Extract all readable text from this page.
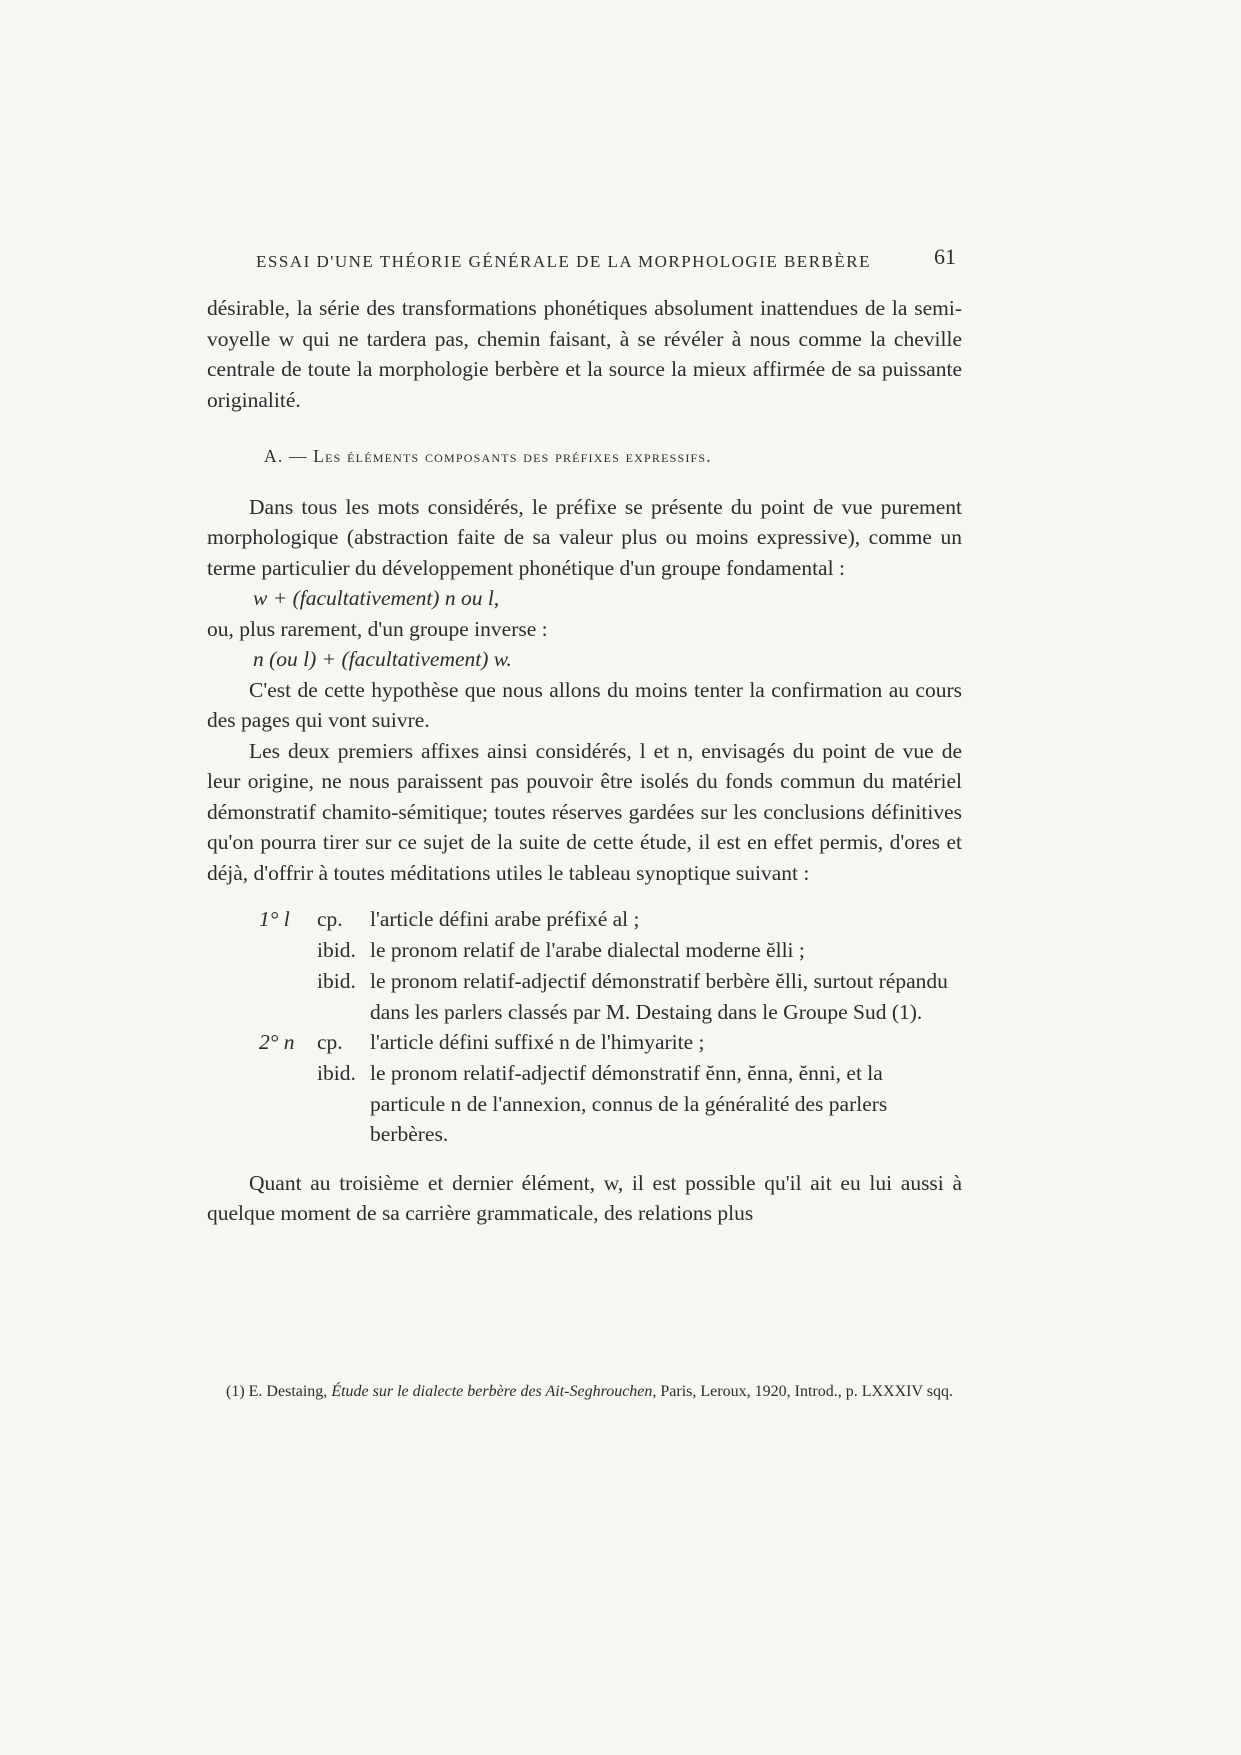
ESSAI D'UNE THÉORIE GÉNÉRALE DE LA MORPHOLOGIE BERBÈRE	61

désirable, la série des transformations phonétiques absolument inattendues de la semi-voyelle w qui ne tardera pas, chemin faisant, à se révéler à nous comme la cheville centrale de toute la morphologie berbère et la source la mieux affirmée de sa puissante originalité.

A. — Les éléments composants des préfixes expressifs.

Dans tous les mots considérés, le préfixe se présente du point de vue purement morphologique (abstraction faite de sa valeur plus ou moins expressive), comme un terme particulier du développement phonétique d'un groupe fondamental :

w + (facultativement) n ou l,

ou, plus rarement, d'un groupe inverse :

n (ou l) + (facultativement) w.

C'est de cette hypothèse que nous allons du moins tenter la confirmation au cours des pages qui vont suivre.

Les deux premiers affixes ainsi considérés, l et n, envisagés du point de vue de leur origine, ne nous paraissent pas pouvoir être isolés du fonds commun du matériel démonstratif chamito-sémitique; toutes réserves gardées sur les conclusions définitives qu'on pourra tirer sur ce sujet de la suite de cette étude, il est en effet permis, d'ores et déjà, d'offrir à toutes méditations utiles le tableau synoptique suivant :

1° l cp. l'article défini arabe préfixé al ;
ibid. le pronom relatif de l'arabe dialectal moderne ĕlli ;
ibid. le pronom relatif-adjectif démonstratif berbère ĕlli, surtout répandu dans les parlers classés par M. Destaing dans le Groupe Sud (1).
2° n cp. l'article défini suffixé n de l'himyarite ;
ibid. le pronom relatif-adjectif démonstratif ĕnn, ĕnna, ĕnni, et la particule n de l'annexion, connus de la généralité des parlers berbères.

Quant au troisième et dernier élément, w, il est possible qu'il ait eu lui aussi à quelque moment de sa carrière grammaticale, des relations plus

(1) E. Destaing, Étude sur le dialecte berbère des Ait-Seghrouchen, Paris, Leroux, 1920, Introd., p. LXXXIV sqq.
